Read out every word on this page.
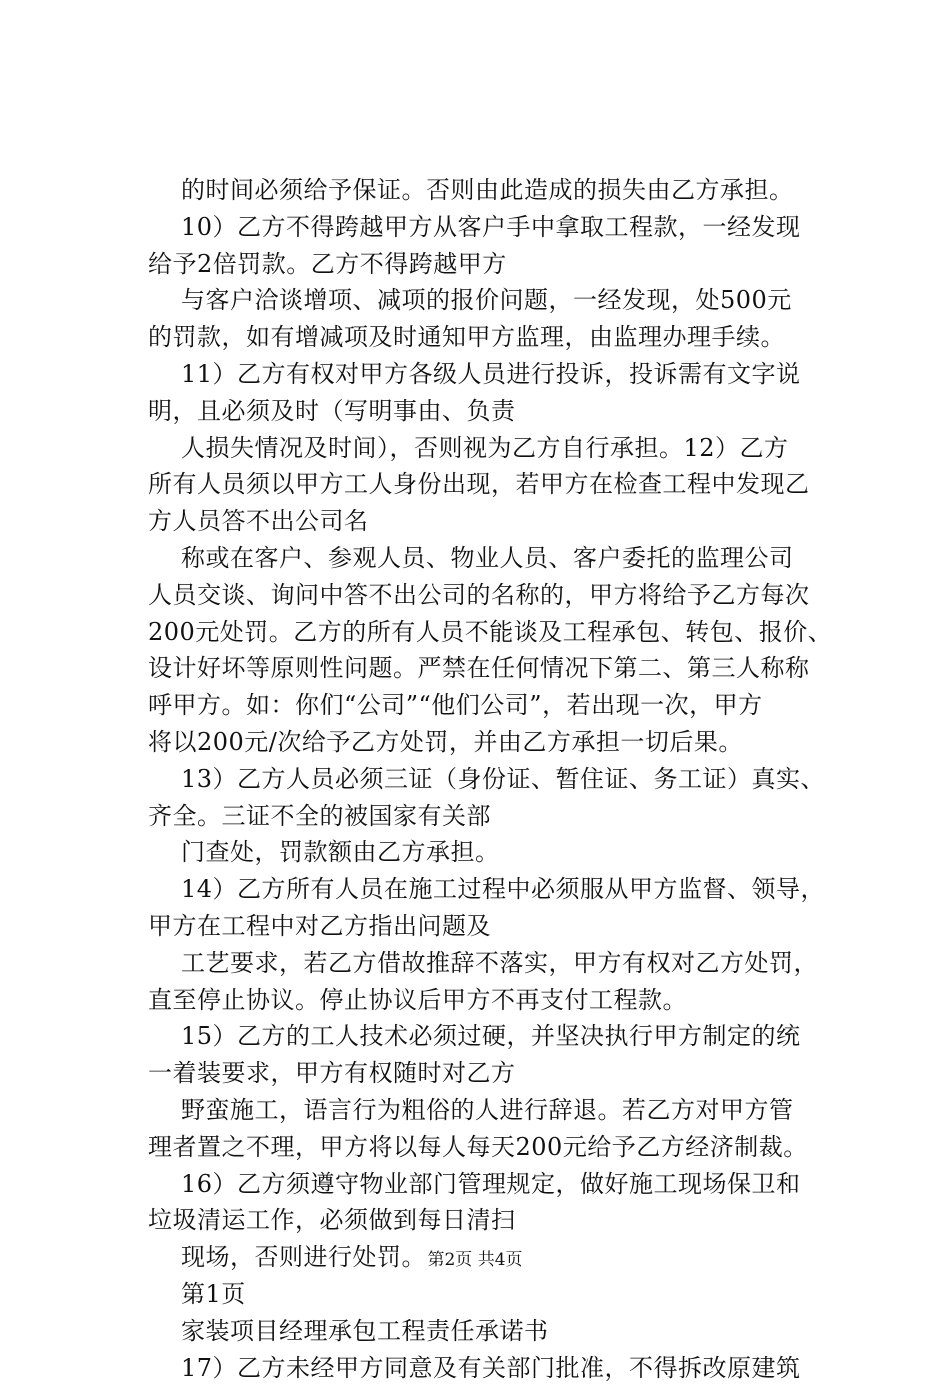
的时间必须给予保证。否则由此造成的损失由乙方承担。
10）乙方不得跨越甲方从客户手中拿取工程款，一经发现
给予2倍罚款。乙方不得跨越甲方
与客户洽谈增项、减项的报价问题，一经发现，处500元
的罚款，如有增减项及时通知甲方监理，由监理办理手续。
11）乙方有权对甲方各级人员进行投诉，投诉需有文字说
明，且必须及时（写明事由、负责
人损失情况及时间），否则视为乙方自行承担。12）乙方
所有人员须以甲方工人身份出现，若甲方在检查工程中发现乙
方人员答不出公司名
称或在客户、参观人员、物业人员、客户委托的监理公司
人员交谈、询问中答不出公司的名称的，甲方将给予乙方每次
200元处罚。乙方的所有人员不能谈及工程承包、转包、报价、
设计好坏等原则性问题。严禁在任何情况下第二、第三人称称
呼甲方。如：你们“公司”“他们公司”，若出现一次，甲方
将以200元/次给予乙方处罚，并由乙方承担一切后果。
13）乙方人员必须三证（身份证、暂住证、务工证）真实、
齐全。三证不全的被国家有关部
门查处，罚款额由乙方承担。
14）乙方所有人员在施工过程中必须服从甲方监督、领导，
甲方在工程中对乙方指出问题及
工艺要求，若乙方借故推辞不落实，甲方有权对乙方处罚，
直至停止协议。停止协议后甲方不再支付工程款。
15）乙方的工人技术必须过硬，并坚决执行甲方制定的统
一着装要求，甲方有权随时对乙方
野蛮施工，语言行为粗俗的人进行辞退。若乙方对甲方管
理者置之不理，甲方将以每人每天200元给予乙方经济制裁。
16）乙方须遵守物业部门管理规定，做好施工现场保卫和
垃圾清运工作，必须做到每日清扫
现场，否则进行处罚。
第1页
家装项目经理承包工程责任承诺书
17）乙方未经甲方同意及有关部门批准，不得拆改原建筑
第2页 共4页
